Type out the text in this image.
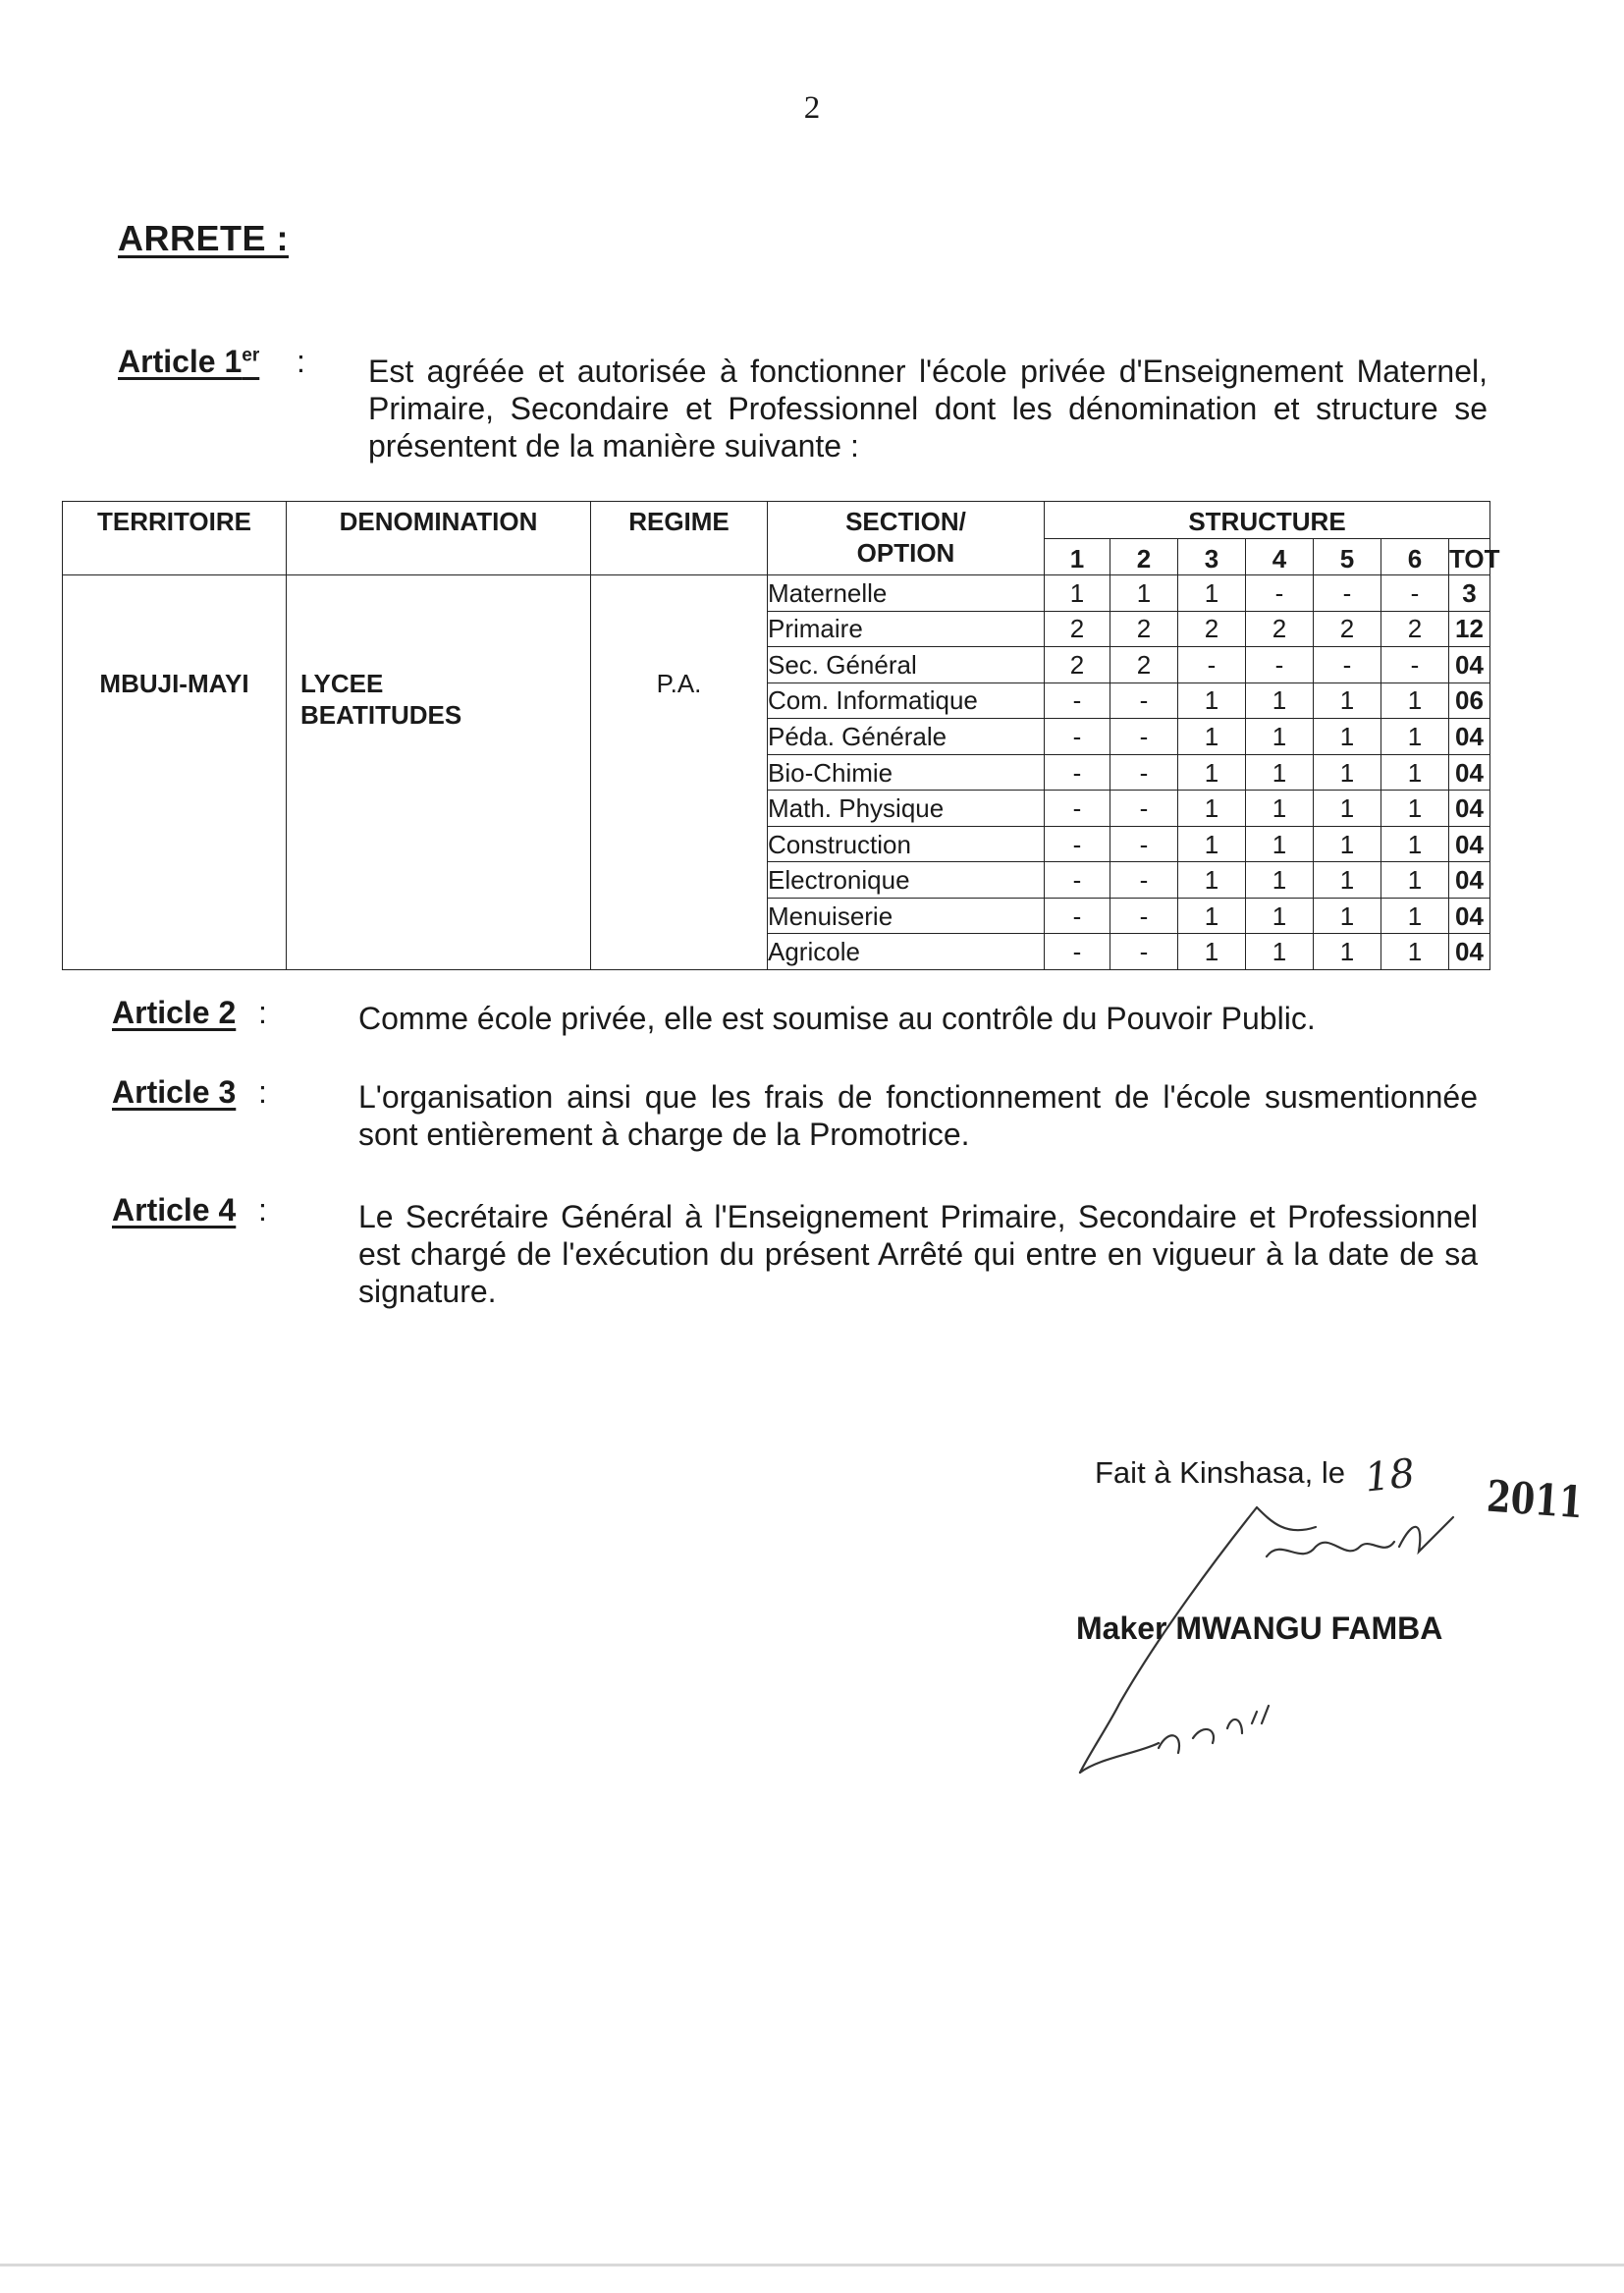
2
ARRETE :
Article 1er : Est agréée et autorisée à fonctionner l'école privée d'Enseignement Maternel, Primaire, Secondaire et Professionnel dont les dénomination et structure se présentent de la manière suivante :
TERRITOIRE	DENOMINATION	REGIME	SECTION/ OPTION	STRUCTURE						
				1	2	3	4	5	6	TOT

MBUJI-MAYI	LYCEE BEATITUDES	P.A.	Maternelle	1	1	1	-	-	-	3
			Primaire	2	2	2	2	2	2	12
			Sec. Général	2	2	-	-	-	-	04
			Com. Informatique	-	-	1	1	1	1	06
			Péda. Générale	-	-	1	1	1	1	04
			Bio-Chimie	-	-	1	1	1	1	04
			Math. Physique	-	-	1	1	1	1	04
			Construction	-	-	1	1	1	1	04
			Electronique	-	-	1	1	1	1	04
			Menuiserie	-	-	1	1	1	1	04
			Agricole	-	-	1	1	1	1	04
Article 2 :	Comme école privée, elle est soumise au contrôle du Pouvoir Public.
Article 3 :	L'organisation ainsi que les frais de fonctionnement de l'école susmentionnée sont entièrement à charge de la Promotrice.
Article 4 :	Le Secrétaire Général à l'Enseignement Primaire, Secondaire et Professionnel est chargé de l'exécution du présent Arrêté qui entre en vigueur à la date de sa signature.
Fait à Kinshasa, le 18 2011
Maker MWANGU FAMBA
